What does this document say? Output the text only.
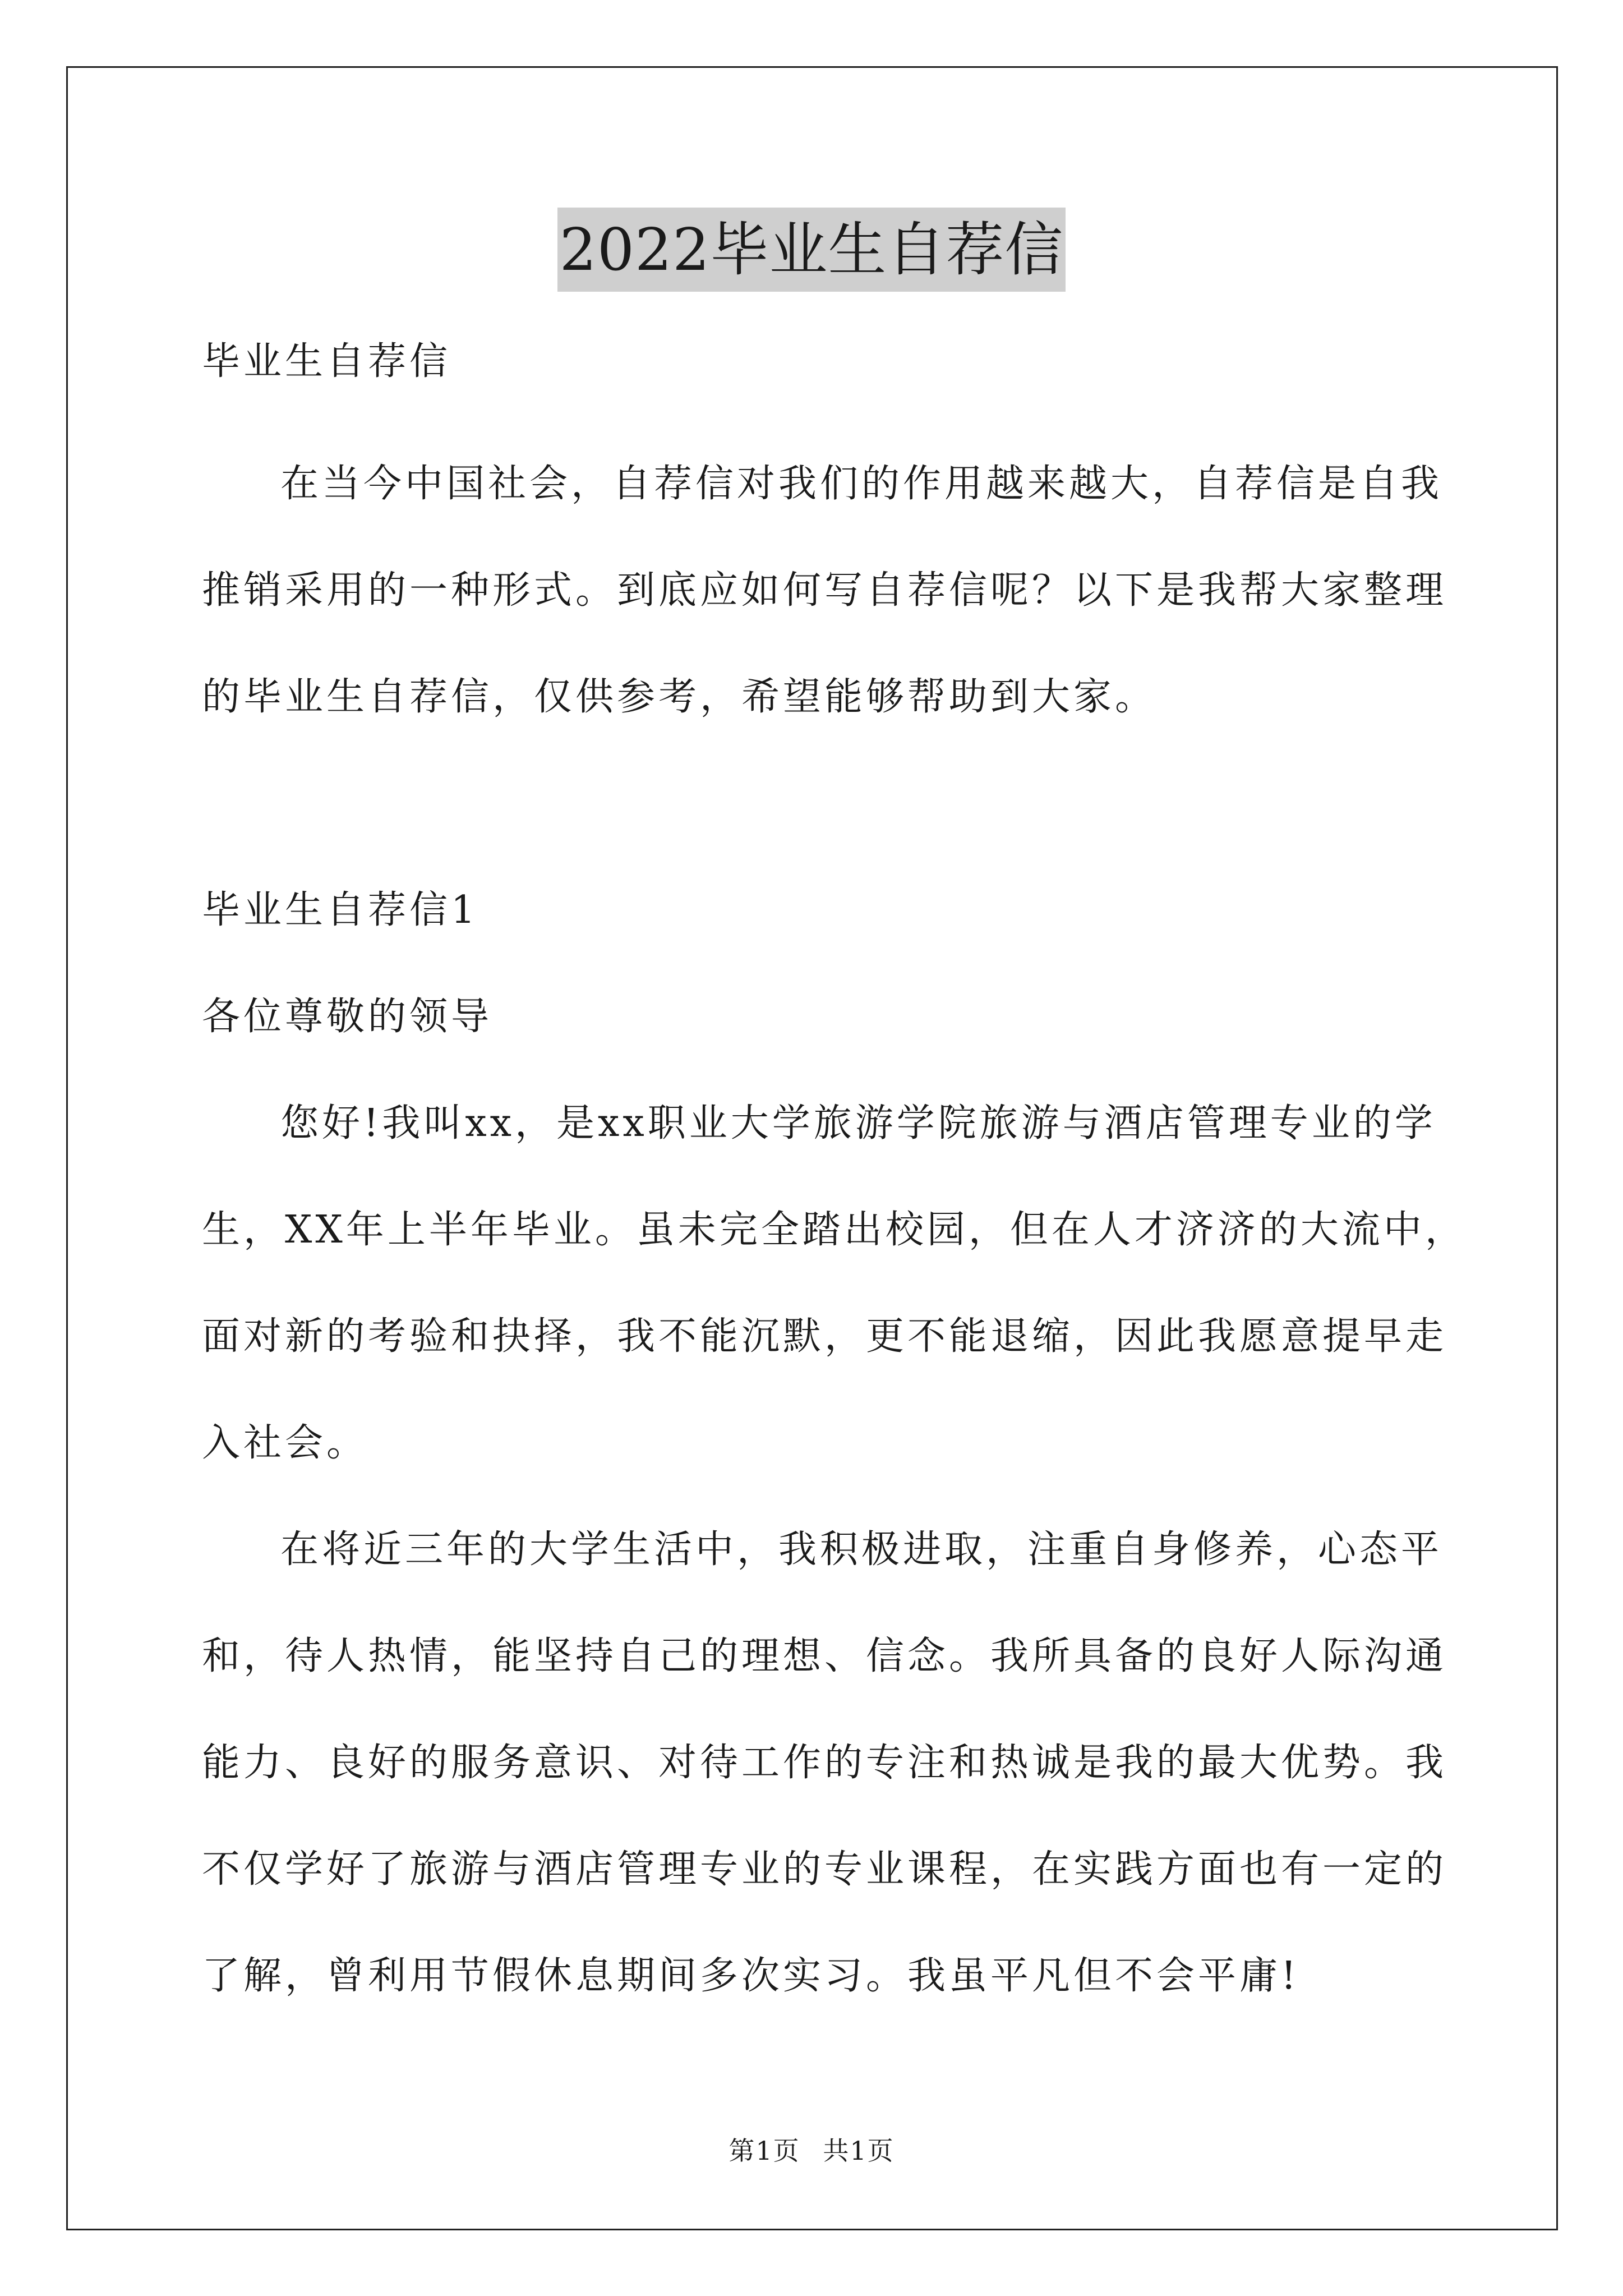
2022毕业生自荐信
毕业生自荐信
在当今中国社会，自荐信对我们的作用越来越大，自荐信是自我
推销采用的一种形式。到底应如何写自荐信呢？以下是我帮大家整理
的毕业生自荐信，仅供参考，希望能够帮助到大家。
毕业生自荐信1
各位尊敬的领导
您好!我叫xx，是xx职业大学旅游学院旅游与酒店管理专业的学
生，XX年上半年毕业。虽未完全踏出校园，但在人才济济的大流中，
面对新的考验和抉择，我不能沉默，更不能退缩，因此我愿意提早走
入社会。
在将近三年的大学生活中，我积极进取，注重自身修养，心态平
和，待人热情，能坚持自己的理想、信念。我所具备的良好人际沟通
能力、良好的服务意识、对待工作的专注和热诚是我的最大优势。我
不仅学好了旅游与酒店管理专业的专业课程，在实践方面也有一定的
了解，曾利用节假休息期间多次实习。我虽平凡但不会平庸!
第1页 共1页
